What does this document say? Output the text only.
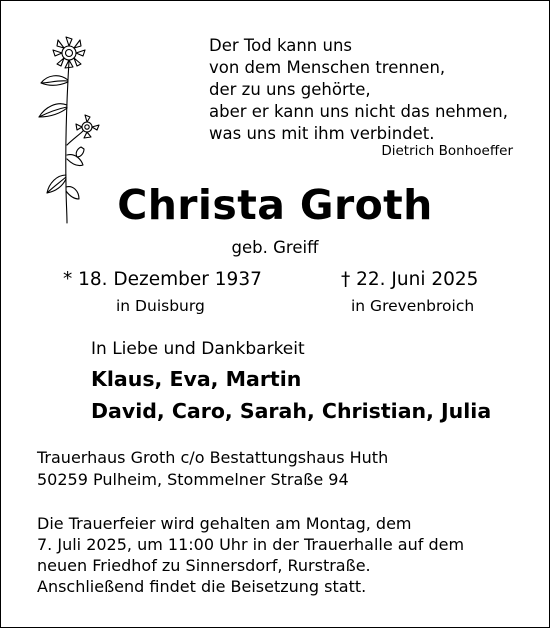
Der Tod kann uns
von dem Menschen trennen,
der zu uns gehörte,
aber er kann uns nicht das nehmen,
was uns mit ihm verbindet.
Dietrich Bonhoeffer
Christa Groth
geb. Greiff
* 18. Dezember 1937	† 22. Juni 2025
in Duisburg	in Grevenbroich
In Liebe und Dankbarkeit
Klaus, Eva, Martin
David, Caro, Sarah, Christian, Julia
Trauerhaus Groth c/o Bestattungshaus Huth
50259 Pulheim, Stommelner Straße 94
Die Trauerfeier wird gehalten am Montag, dem
7. Juli 2025, um 11:00 Uhr in der Trauerhalle auf dem
neuen Friedhof zu Sinnersdorf, Rurstraße.
Anschließend findet die Beisetzung statt.
